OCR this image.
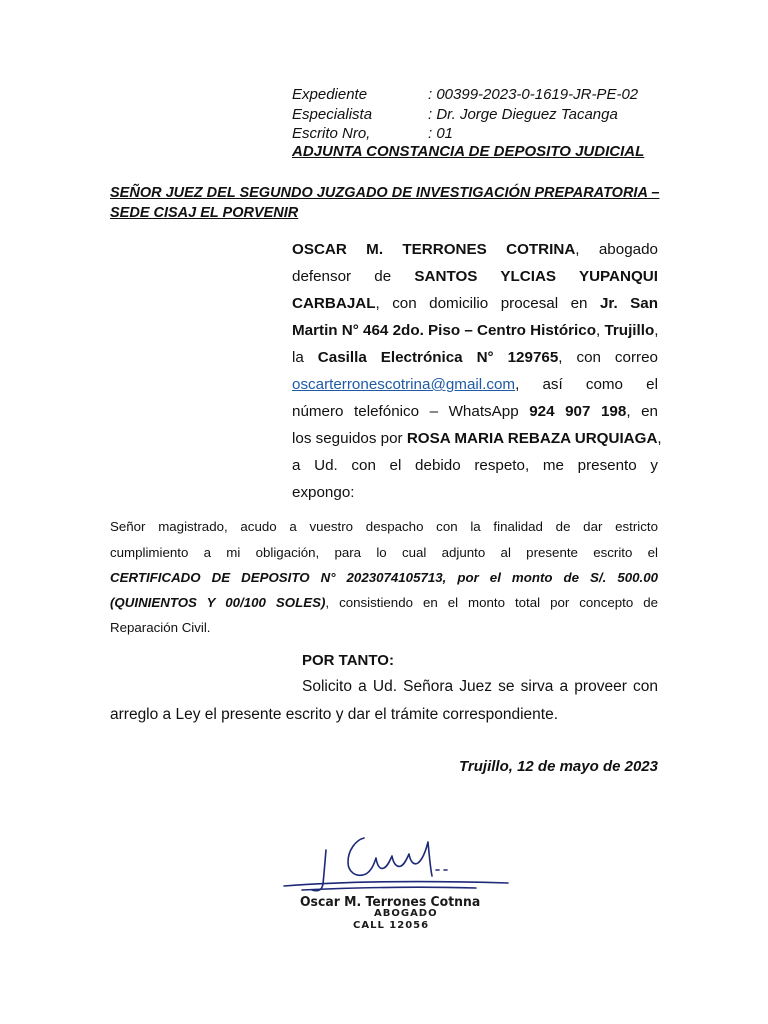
Expediente	: 00399-2023-0-1619-JR-PE-02
Especialista	: Dr. Jorge Dieguez Tacanga
Escrito Nro,	: 01
ADJUNTA CONSTANCIA DE DEPOSITO JUDICIAL
SEÑOR JUEZ DEL SEGUNDO JUZGADO DE INVESTIGACIÓN PREPARATORIA –
SEDE CISAJ EL PORVENIR
OSCAR M. TERRONES COTRINA, abogado
defensor de SANTOS YLCIAS YUPANQUI
CARBAJAL, con domicilio procesal en Jr. San
Martin N° 464 2do. Piso – Centro Histórico, Trujillo,
la Casilla Electrónica N° 129765, con correo
oscarterronescotrina@gmail.com, así como el
número telefónico – WhatsApp 924 907 198, en
los seguidos por ROSA MARIA REBAZA URQUIAGA,
a Ud. con el debido respeto, me presento y
expongo:
Señor magistrado, acudo a vuestro despacho con la finalidad de dar estricto
cumplimiento a mi obligación, para lo cual adjunto al presente escrito el
CERTIFICADO DE DEPOSITO N° 2023074105713, por el monto de S/. 500.00
(QUINIENTOS Y 00/100 SOLES), consistiendo en el monto total por concepto de
Reparación Civil.
POR TANTO:
Solicito a Ud. Señora Juez se sirva a proveer con
arreglo a Ley el presente escrito y dar el trámite correspondiente.
Trujillo, 12 de mayo de 2023
Oscar M. Terrones Cotnna
ABOGADO
CALL 12056
